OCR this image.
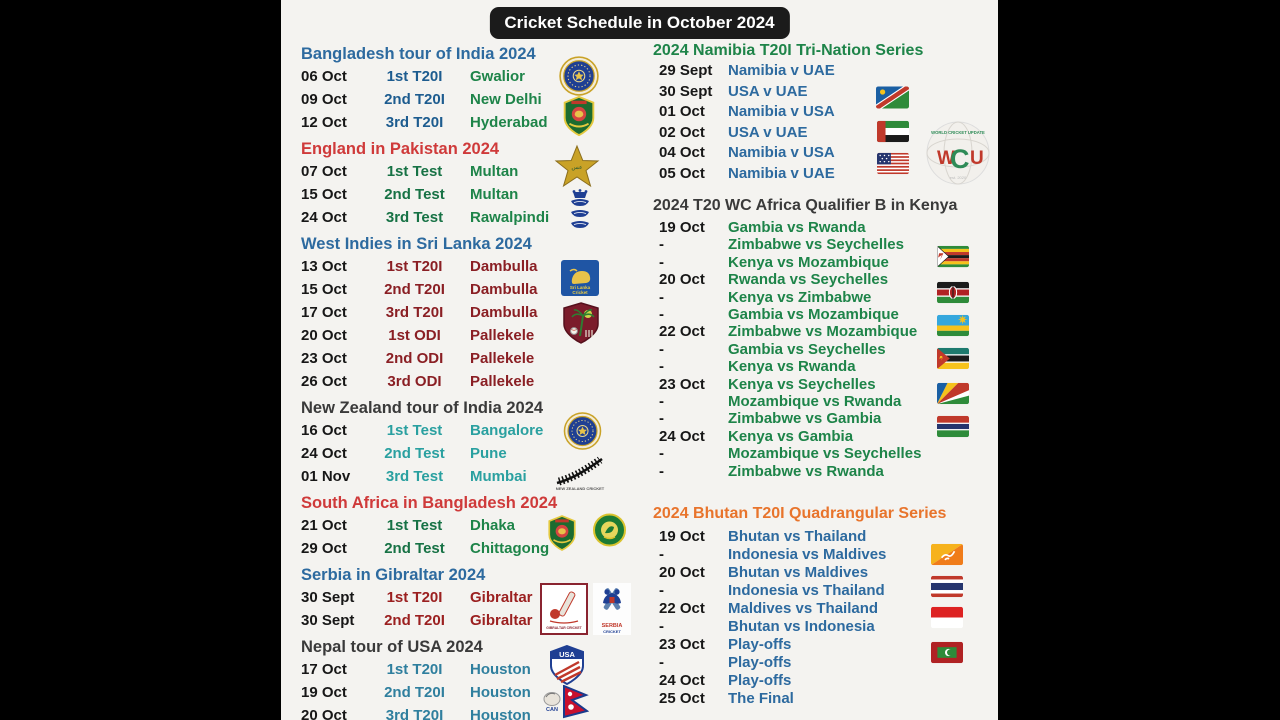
Cricket Schedule in October 2024
Bangladesh tour of India 2024
06 Oct	1st T20I	Gwalior
09 Oct	2nd T20I	New Delhi
12 Oct	3rd T20I	Hyderabad
England in Pakistan 2024
07 Oct	1st Test	Multan
15 Oct	2nd Test	Multan
24 Oct	3rd Test	Rawalpindi
West Indies in Sri Lanka 2024
13 Oct	1st T20I	Dambulla
15 Oct	2nd T20I	Dambulla
17 Oct	3rd T20I	Dambulla
20 Oct	1st ODI	Pallekele
23 Oct	2nd ODI	Pallekele
26 Oct	3rd ODI	Pallekele
New Zealand tour of India 2024
16 Oct	1st Test	Bangalore
24 Oct	2nd Test	Pune
01 Nov	3rd Test	Mumbai
South Africa in Bangladesh 2024
21 Oct	1st Test	Dhaka
29 Oct	2nd Test	Chittagong
Serbia in Gibraltar 2024
30 Sept	1st T20I	Gibraltar
30 Sept	2nd T20I	Gibraltar
Nepal tour of USA 2024
17 Oct	1st T20I	Houston
19 Oct	2nd T20I	Houston
20 Oct	3rd T20I	Houston
2024 Namibia T20I Tri-Nation Series
29 Sept	Namibia v UAE
30 Sept	USA v UAE
01 Oct	Namibia v USA
02 Oct	USA v UAE
04 Oct	Namibia v USA
05 Oct	Namibia v UAE
2024 T20 WC Africa Qualifier B in Kenya
19 Oct	Gambia vs Rwanda
-	Zimbabwe vs Seychelles
-	Kenya vs Mozambique
20 Oct	Rwanda vs Seychelles
-	Kenya vs Zimbabwe
-	Gambia vs Mozambique
22 Oct	Zimbabwe vs Mozambique
-	Gambia vs Seychelles
-	Kenya vs Rwanda
23 Oct	Kenya vs Seychelles
-	Mozambique vs Rwanda
-	Zimbabwe vs Gambia
24 Oct	Kenya vs Gambia
-	Mozambique vs Seychelles
-	Zimbabwe vs Rwanda
2024 Bhutan T20I Quadrangular Series
19 Oct	Bhutan vs Thailand
-	Indonesia vs Maldives
20 Oct	Bhutan vs Maldives
-	Indonesia vs Thailand
22 Oct	Maldives vs Thailand
-	Bhutan vs Indonesia
23 Oct	Play-offs
-	Play-offs
24 Oct	Play-offs
25 Oct	The Final
عس
Sri Lanka
Cricket
NEW ZEALAND CRICKET
GIBRALTAR CRICKET	SERBIA
CRICKET
USA
CAN
WORLD CRICKET UPDATE
W
C U
est. 2020
